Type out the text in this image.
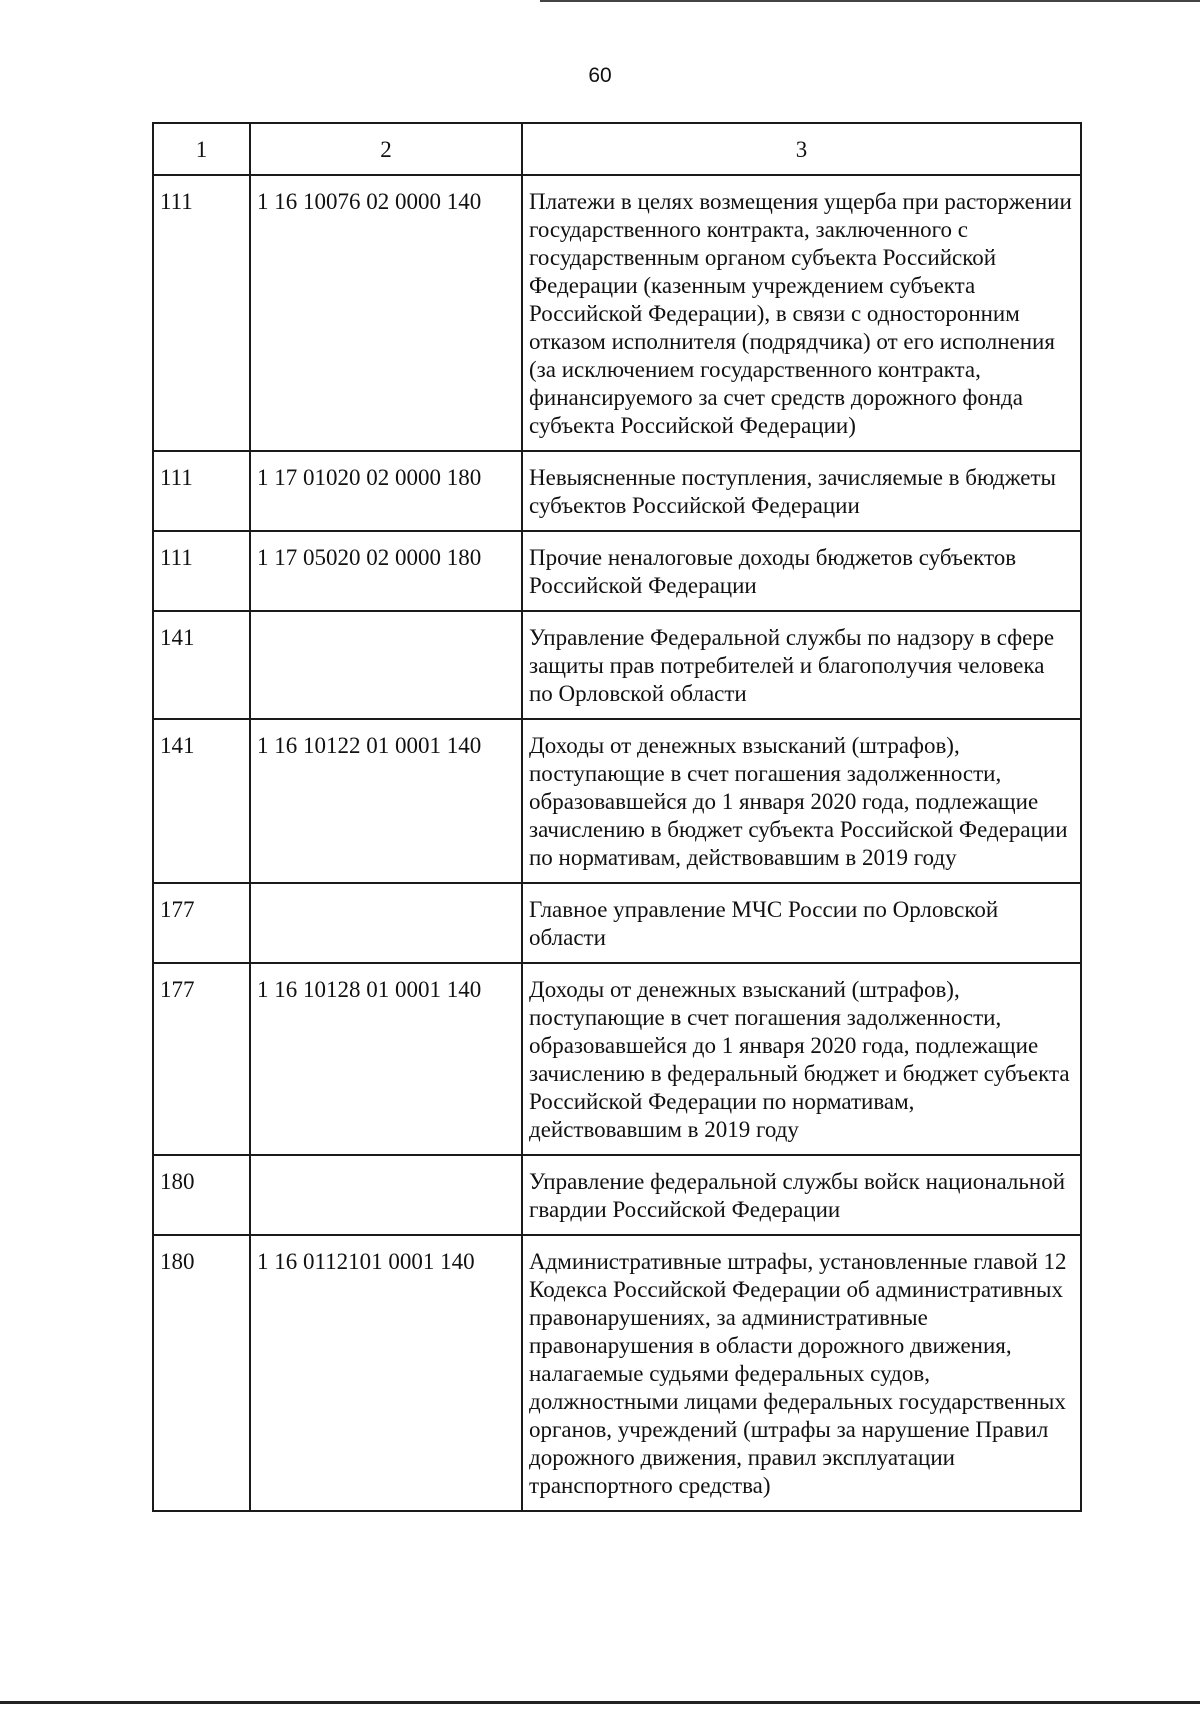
60
1	2	3
111	1 16 10076 02 0000 140	Платежи в целях возмещения ущерба при расторжении государственного контракта, заключенного с государственным органом субъекта Российской Федерации (казенным учреждением субъекта Российской Федерации), в связи с односторонним отказом исполнителя (подрядчика) от его исполнения (за исключением государственного контракта, финансируемого за счет средств дорожного фонда субъекта Российской Федерации)
111	1 17 01020 02 0000 180	Невыясненные поступления, зачисляемые в бюджеты субъектов Российской Федерации
111	1 17 05020 02 0000 180	Прочие неналоговые доходы бюджетов субъектов Российской Федерации
141		Управление Федеральной службы по надзору в сфере защиты прав потребителей и благополучия человека по Орловской области
141	1 16 10122 01 0001 140	Доходы от денежных взысканий (штрафов), поступающие в счет погашения задолженности, образовавшейся до 1 января 2020 года, подлежащие зачислению в бюджет субъекта Российской Федерации по нормативам, действовавшим в 2019 году
177		Главное управление МЧС России по Орловской области
177	1 16 10128 01 0001 140	Доходы от денежных взысканий (штрафов), поступающие в счет погашения задолженности, образовавшейся до 1 января 2020 года, подлежащие зачислению в федеральный бюджет и бюджет субъекта Российской Федерации по нормативам, действовавшим в 2019 году
180		Управление федеральной службы войск национальной гвардии Российской Федерации
180	1 16 0112101 0001 140	Административные штрафы, установленные главой 12 Кодекса Российской Федерации об административных правонарушениях, за административные правонарушения в области дорожного движения, налагаемые судьями федеральных судов, должностными лицами федеральных государственных органов, учреждений (штрафы за нарушение Правил дорожного движения, правил эксплуатации транспортного средства)
